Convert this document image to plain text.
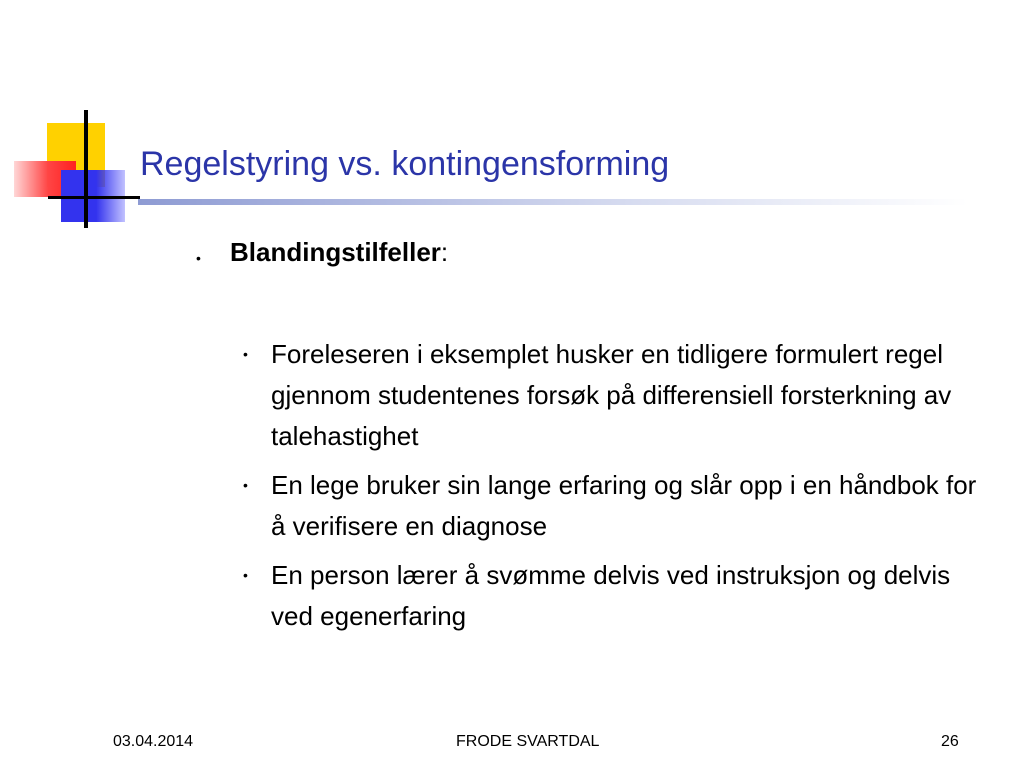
Regelstyring vs. kontingensforming
• Blandingstilfeller:
• Foreleseren i eksemplet husker en tidligere formulert regel gjennom studentenes forsøk på differensiell forsterkning av talehastighet
• En lege bruker sin lange erfaring og slår opp i en håndbok for å verifisere en diagnose
• En person lærer å svømme delvis ved instruksjon og delvis ved egenerfaring
03.04.2014	FRODE SVARTDAL	26
